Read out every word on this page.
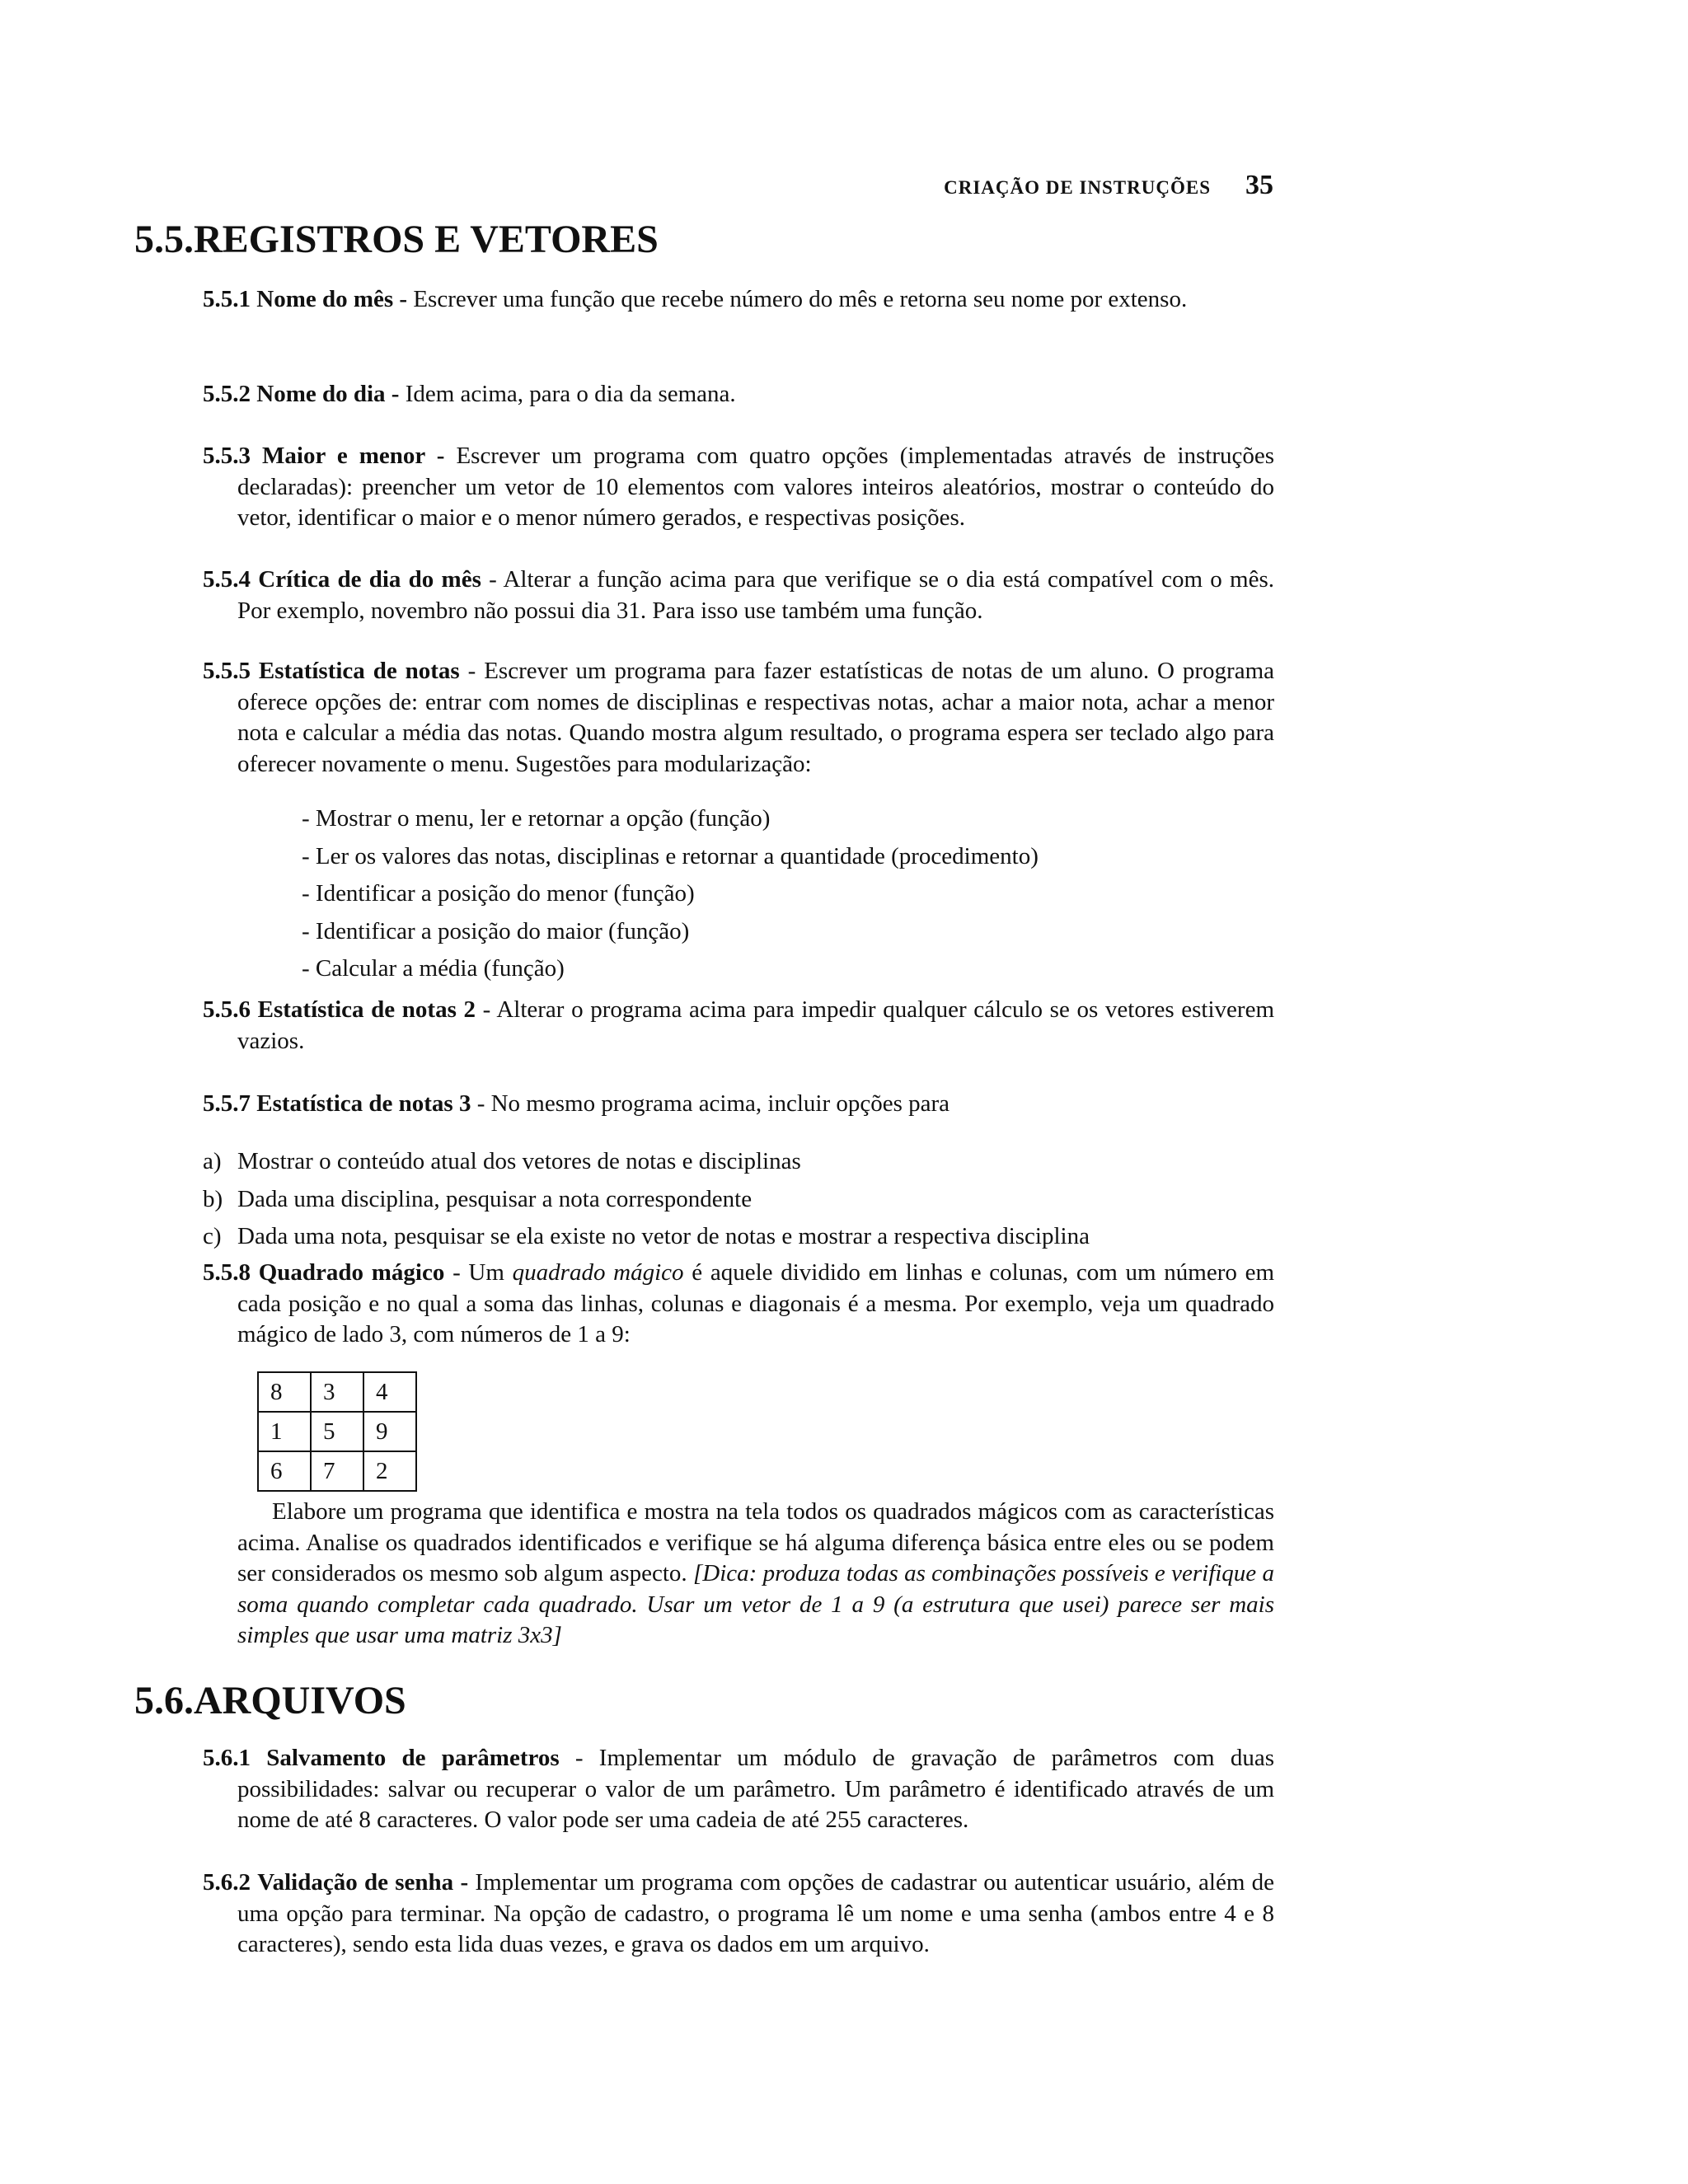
CRIAÇÃO DE INSTRUÇÕES 35
5.5.REGISTROS E VETORES
5.5.1 Nome do mês - Escrever uma função que recebe número do mês e retorna seu nome por extenso.
5.5.2 Nome do dia - Idem acima, para o dia da semana.
5.5.3 Maior e menor - Escrever um programa com quatro opções (implementadas através de instruções declaradas): preencher um vetor de 10 elementos com valores inteiros aleatórios, mostrar o conteúdo do vetor, identificar o maior e o menor número gerados, e respectivas posições.
5.5.4 Crítica de dia do mês - Alterar a função acima para que verifique se o dia está compatível com o mês. Por exemplo, novembro não possui dia 31. Para isso use também uma função.
5.5.5 Estatística de notas - Escrever um programa para fazer estatísticas de notas de um aluno. O programa oferece opções de: entrar com nomes de disciplinas e respectivas notas, achar a maior nota, achar a menor nota e calcular a média das notas. Quando mostra algum resultado, o programa espera ser teclado algo para oferecer novamente o menu. Sugestões para modularização:
- Mostrar o menu, ler e retornar a opção (função)
- Ler os valores das notas, disciplinas e retornar a quantidade (procedimento)
- Identificar a posição do menor (função)
- Identificar a posição do maior (função)
- Calcular a média (função)
5.5.6 Estatística de notas 2 - Alterar o programa acima para impedir qualquer cálculo se os vetores estiverem vazios.
5.5.7 Estatística de notas 3 - No mesmo programa acima, incluir opções para
a) Mostrar o conteúdo atual dos vetores de notas e disciplinas
b) Dada uma disciplina, pesquisar a nota correspondente
c) Dada uma nota, pesquisar se ela existe no vetor de notas e mostrar a respectiva disciplina
5.5.8 Quadrado mágico - Um quadrado mágico é aquele dividido em linhas e colunas, com um número em cada posição e no qual a soma das linhas, colunas e diagonais é a mesma. Por exemplo, veja um quadrado mágico de lado 3, com números de 1 a 9:
8	3	4
1	5	9
6	7	2
Elabore um programa que identifica e mostra na tela todos os quadrados mágicos com as características acima. Analise os quadrados identificados e verifique se há alguma diferença básica entre eles ou se podem ser considerados os mesmo sob algum aspecto. [Dica: produza todas as combinações possíveis e verifique a soma quando completar cada quadrado. Usar um vetor de 1 a 9 (a estrutura que usei) parece ser mais simples que usar uma matriz 3x3]
5.6.ARQUIVOS
5.6.1 Salvamento de parâmetros - Implementar um módulo de gravação de parâmetros com duas possibilidades: salvar ou recuperar o valor de um parâmetro. Um parâmetro é identificado através de um nome de até 8 caracteres. O valor pode ser uma cadeia de até 255 caracteres.
5.6.2 Validação de senha - Implementar um programa com opções de cadastrar ou autenticar usuário, além de uma opção para terminar. Na opção de cadastro, o programa lê um nome e uma senha (ambos entre 4 e 8 caracteres), sendo esta lida duas vezes, e grava os dados em um arquivo.
